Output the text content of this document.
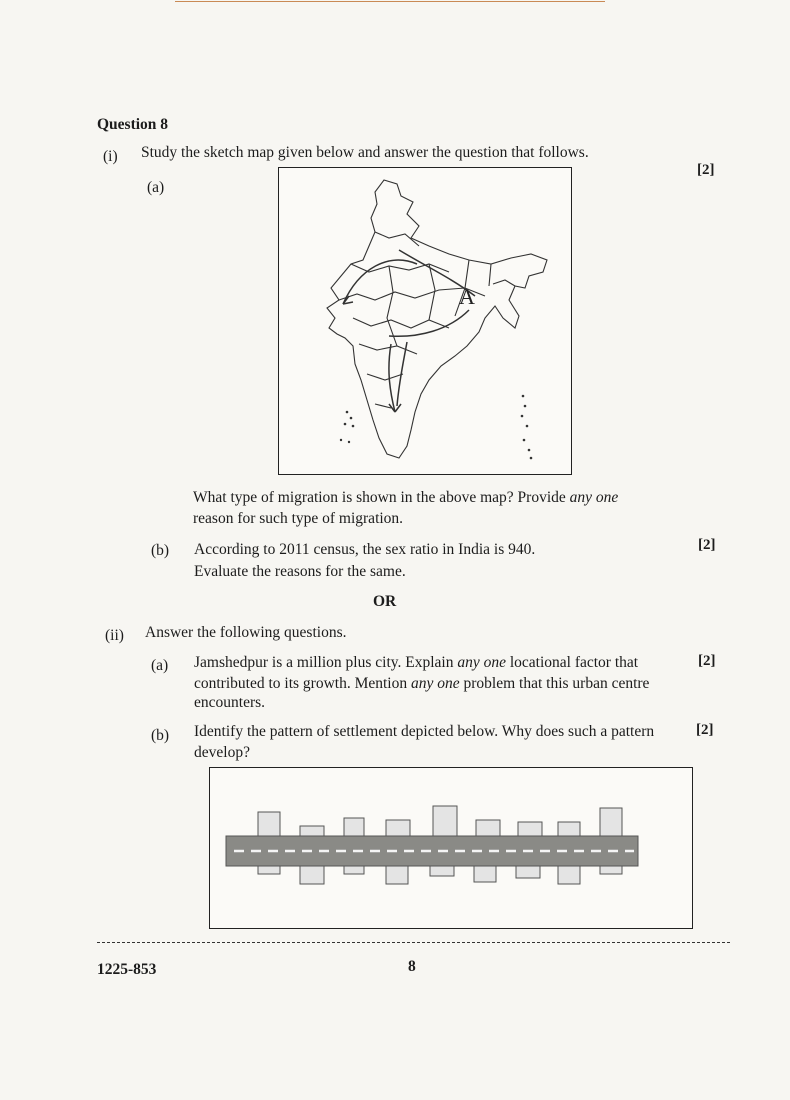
Question 8
(i) Study the sketch map given below and answer the question that follows.
[2]
(a)
A
What type of migration is shown in the above map? Provide any one
reason for such type of migration.
(b) According to 2011 census, the sex ratio in India is 940.
Evaluate the reasons for the same.
[2]
OR
(ii) Answer the following questions.
(a) Jamshedpur is a million plus city. Explain any one locational factor that
contributed to its growth. Mention any one problem that this urban centre
encounters.
[2]
(b) Identify the pattern of settlement depicted below. Why does such a pattern
develop?
[2]
1225-853	8
